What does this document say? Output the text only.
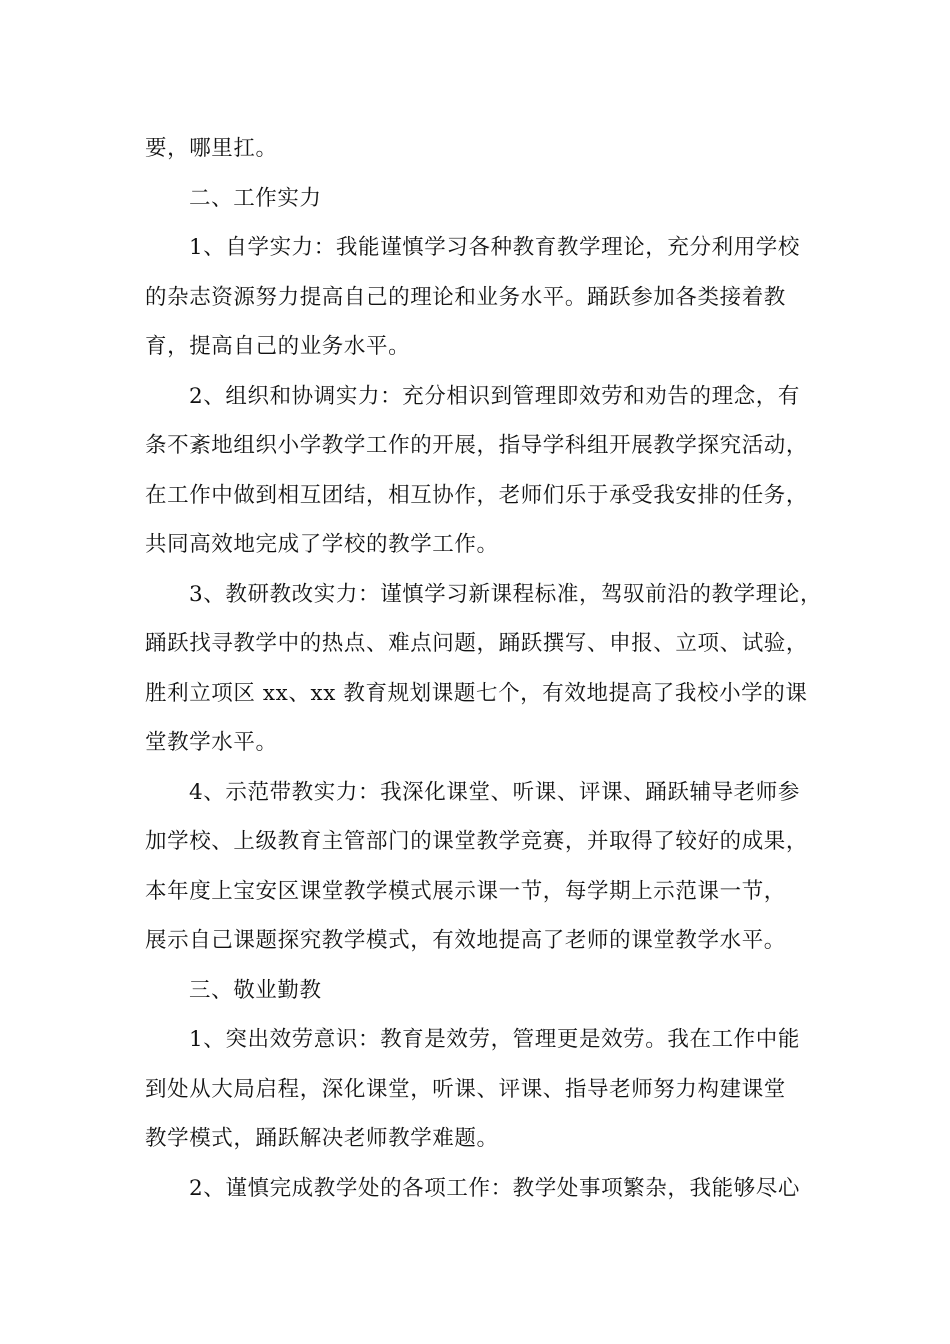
要，哪里扛。
二、工作实力
1、自学实力：我能谨慎学习各种教育教学理论，充分利用学校
的杂志资源努力提高自己的理论和业务水平。踊跃参加各类接着教
育，提高自己的业务水平。
2、组织和协调实力：充分相识到管理即效劳和劝告的理念，有
条不紊地组织小学教学工作的开展，指导学科组开展教学探究活动，
在工作中做到相互团结，相互协作，老师们乐于承受我安排的任务，
共同高效地完成了学校的教学工作。
3、教研教改实力：谨慎学习新课程标准，驾驭前沿的教学理论，
踊跃找寻教学中的热点、难点问题，踊跃撰写、申报、立项、试验，
胜利立项区 xx、xx 教育规划课题七个，有效地提高了我校小学的课
堂教学水平。
4、示范带教实力：我深化课堂、听课、评课、踊跃辅导老师参
加学校、上级教育主管部门的课堂教学竞赛，并取得了较好的成果，
本年度上宝安区课堂教学模式展示课一节，每学期上示范课一节，
展示自己课题探究教学模式，有效地提高了老师的课堂教学水平。
三、敬业勤教
1、突出效劳意识：教育是效劳，管理更是效劳。我在工作中能
到处从大局启程，深化课堂，听课、评课、指导老师努力构建课堂
教学模式，踊跃解决老师教学难题。
2、谨慎完成教学处的各项工作：教学处事项繁杂，我能够尽心
